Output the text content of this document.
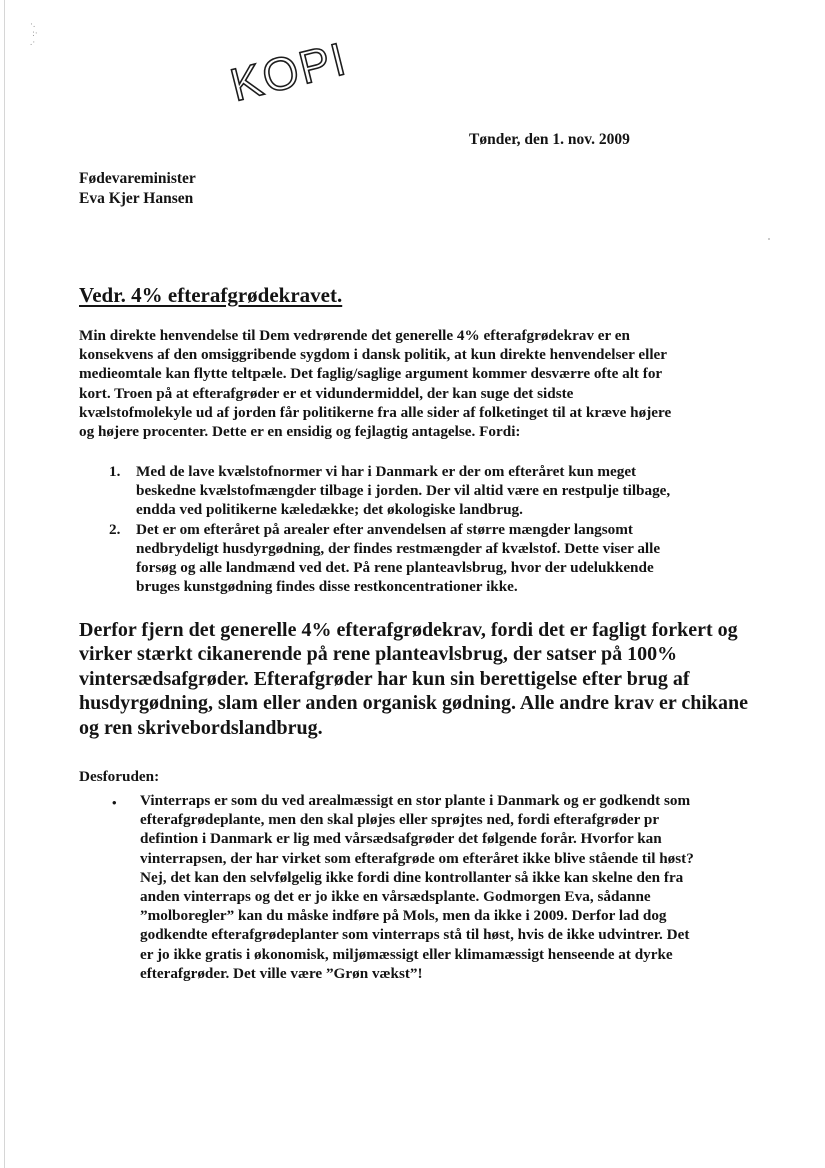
·.
:·
.·	KOPI
Tønder, den 1. nov. 2009
Fødevareminister
Eva Kjer Hansen
Vedr. 4% efterafgrødekravet.
Min direkte henvendelse til Dem vedrørende det generelle 4% efterafgrødekrav er en
konsekvens af den omsiggribende sygdom i dansk politik, at kun direkte henvendelser eller
medieomtale kan flytte teltpæle. Det faglig/saglige argument kommer desværre ofte alt for
kort. Troen på at efterafgrøder er et vidundermiddel, der kan suge det sidste
kvælstofmolekyle ud af jorden får politikerne fra alle sider af folketinget til at kræve højere
og højere procenter. Dette er en ensidig og fejlagtig antagelse. Fordi:
1. Med de lave kvælstofnormer vi har i Danmark er der om efteråret kun meget
beskedne kvælstofmængder tilbage i jorden. Der vil altid være en restpulje tilbage,
endda ved politikerne kæledække; det økologiske landbrug.
2. Det er om efteråret på arealer efter anvendelsen af større mængder langsomt
nedbrydeligt husdyrgødning, der findes restmængder af kvælstof. Dette viser alle
forsøg og alle landmænd ved det. På rene planteavlsbrug, hvor der udelukkende
bruges kunstgødning findes disse restkoncentrationer ikke.
Derfor fjern det generelle 4% efterafgrødekrav, fordi det er fagligt forkert og
virker stærkt cikanerende på rene planteavlsbrug, der satser på 100%
vintersædsafgrøder. Efterafgrøder har kun sin berettigelse efter brug af
husdyrgødning, slam eller anden organisk gødning. Alle andre krav er chikane
og ren skrivebordslandbrug.
Desforuden:
• Vinterraps er som du ved arealmæssigt en stor plante i Danmark og er godkendt som
efterafgrødeplante, men den skal pløjes eller sprøjtes ned, fordi efterafgrøder pr
defintion i Danmark er lig med vårsædsafgrøder det følgende forår. Hvorfor kan
vinterrapsen, der har virket som efterafgrøde om efteråret ikke blive stående til høst?
Nej, det kan den selvfølgelig ikke fordi dine kontrollanter så ikke kan skelne den fra
anden vinterraps og det er jo ikke en vårsædsplante. Godmorgen Eva, sådanne
”molboregler” kan du måske indføre på Mols, men da ikke i 2009. Derfor lad dog
godkendte efterafgrødeplanter som vinterraps stå til høst, hvis de ikke udvintrer. Det
er jo ikke gratis i økonomisk, miljømæssigt eller klimamæssigt henseende at dyrke
efterafgrøder. Det ville være ”Grøn vækst”!
